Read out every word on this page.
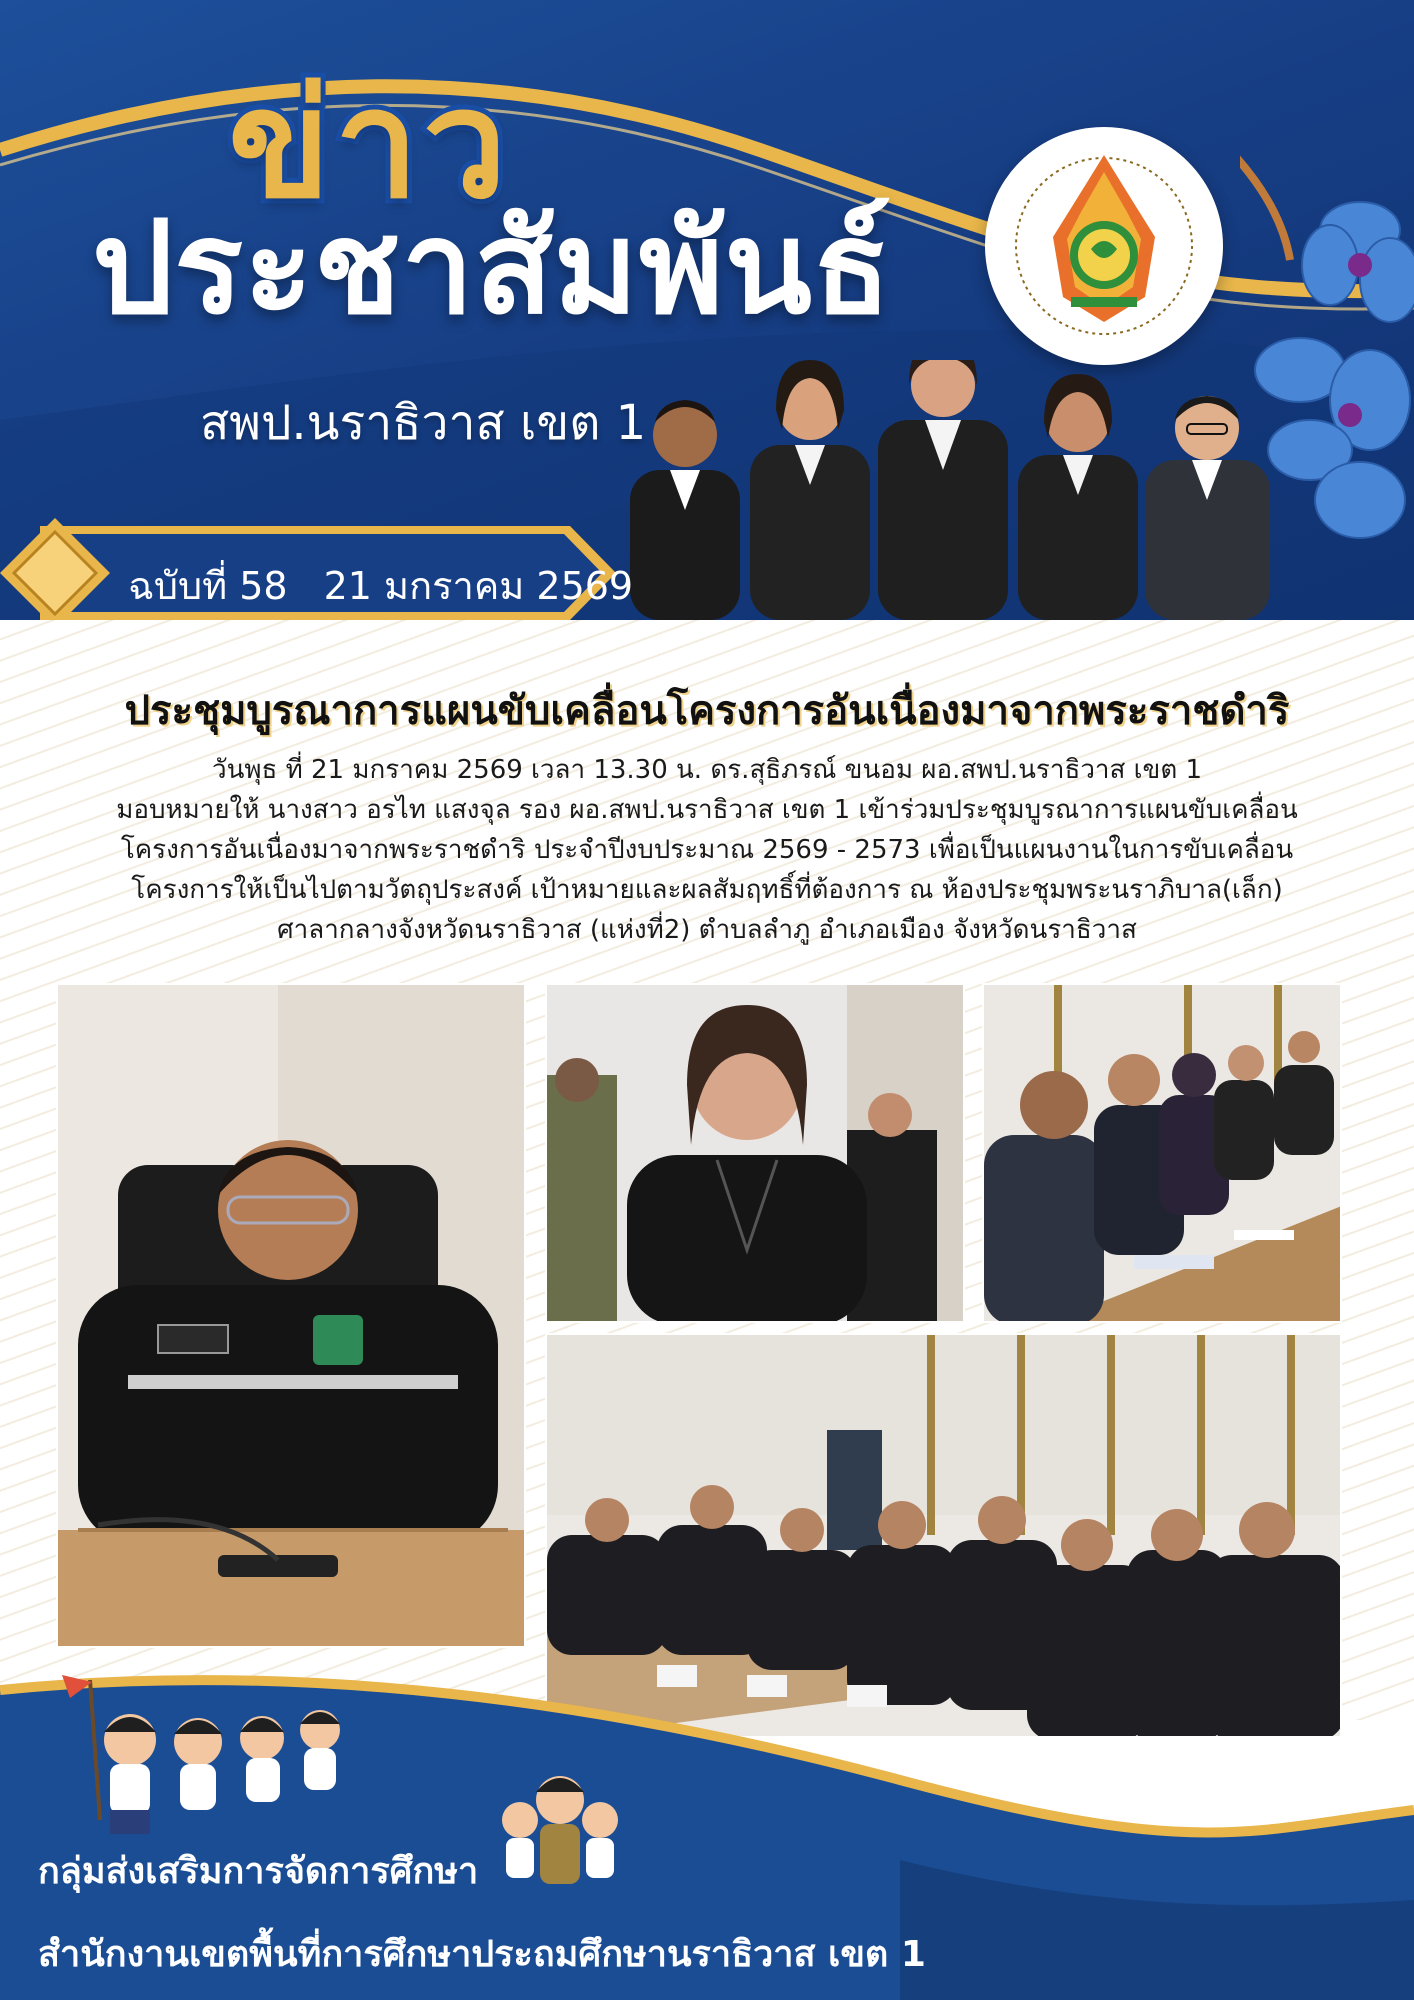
ข่าว
ประชาสัมพันธ์
สพป.นราธิวาส เขต 1
ฉบับที่ 58 21 มกราคม 2569
ประชุมบูรณาการแผนขับเคลื่อนโครงการอันเนื่องมาจากพระราชดำริ
วันพุธ ที่ 21 มกราคม 2569 เวลา 13.30 น. ดร.สุธิภรณ์ ขนอม ผอ.สพป.นราธิวาส เขต 1
มอบหมายให้ นางสาว อรไท แสงจุล รอง ผอ.สพป.นราธิวาส เขต 1 เข้าร่วมประชุมบูรณาการแผนขับเคลื่อน
โครงการอันเนื่องมาจากพระราชดำริ ประจำปีงบประมาณ 2569 - 2573 เพื่อเป็นแผนงานในการขับเคลื่อน
โครงการให้เป็นไปตามวัตถุประสงค์ เป้าหมายและผลสัมฤทธิ์ที่ต้องการ ณ ห้องประชุมพระนราภิบาล(เล็ก)
ศาลากลางจังหวัดนราธิวาส (แห่งที่2) ตำบลลำภู อำเภอเมือง จังหวัดนราธิวาส
กลุ่มส่งเสริมการจัดการศึกษา
สำนักงานเขตพื้นที่การศึกษาประถมศึกษานราธิวาส เขต 1
